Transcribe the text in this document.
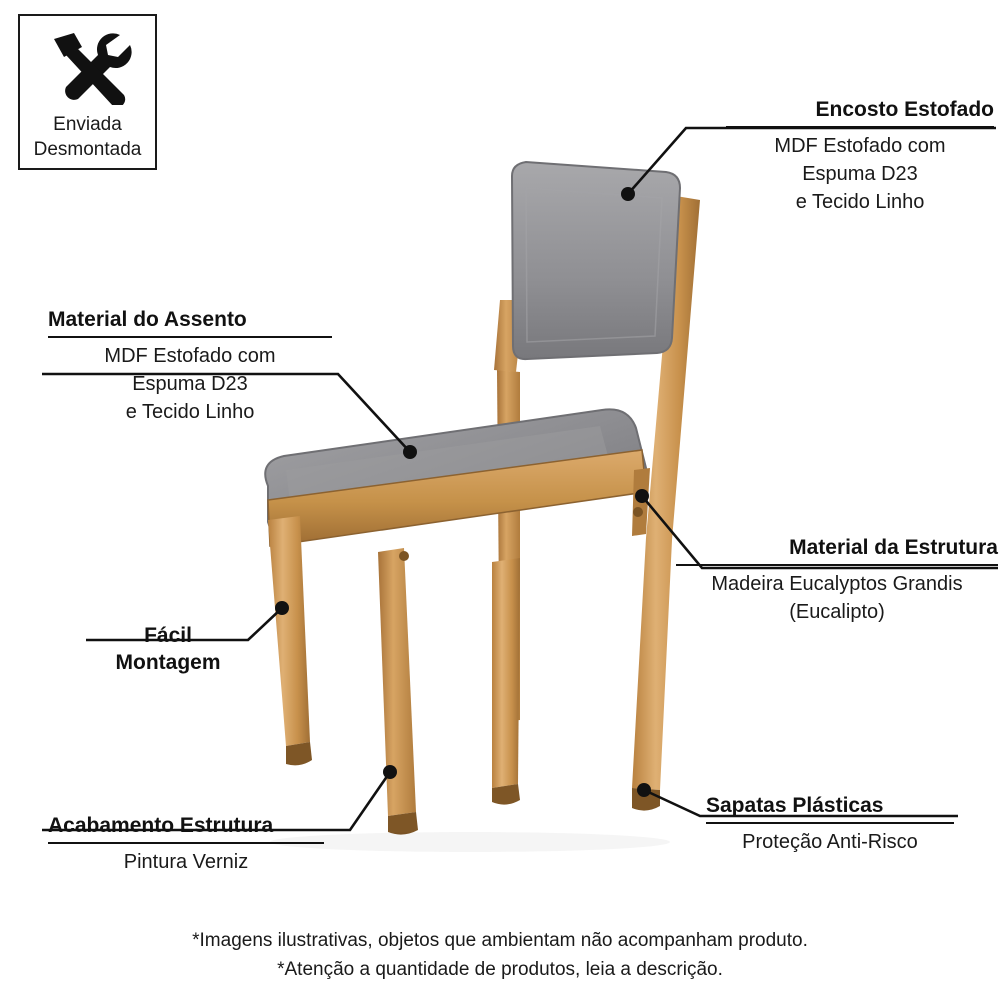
Enviada
Desmontada
Encosto Estofado
MDF Estofado com
Espuma D23
e Tecido Linho
Material do Assento
MDF Estofado com
Espuma D23
e Tecido Linho
Material da Estrutura
Madeira Eucalyptos Grandis
(Eucalipto)
Fácil
Montagem
Acabamento Estrutura
Pintura Verniz
Sapatas Plásticas
Proteção Anti-Risco
*Imagens ilustrativas, objetos que ambientam não acompanham produto.
*Atenção a quantidade de produtos, leia a descrição.
